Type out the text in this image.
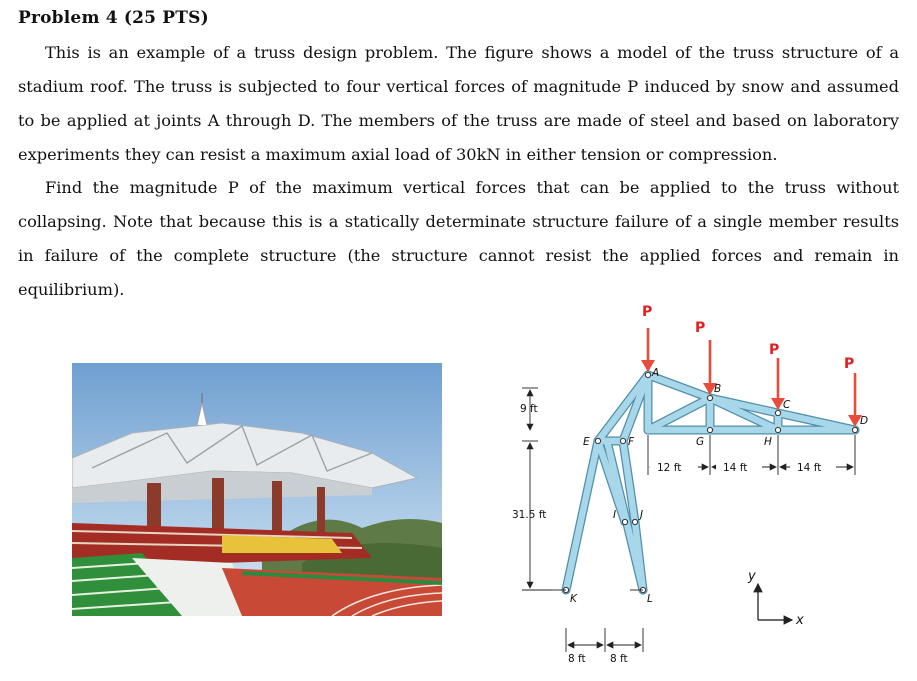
Problem 4 (25 PTS)

This is an example of a truss design problem. The figure shows a model of the truss structure of a stadium roof. The truss is subjected to four vertical forces of magnitude P induced by snow and assumed to be applied at joints A through D. The members of the truss are made of steel and based on laboratory experiments they can resist a maximum axial load of 30kN in either tension or compression.

Find the magnitude P of the maximum vertical forces that can be applied to the truss without collapsing. Note that because this is a statically determinate structure failure of a single member results in failure of the complete structure (the structure cannot resist the applied forces and remain in equilibrium).

P
P
P
P
A
B
C
D
E	F	G	H
I J
K	L
9 ft
31.5 ft
12 ft	14 ft	14 ft
8 ft 8 ft
y
x
